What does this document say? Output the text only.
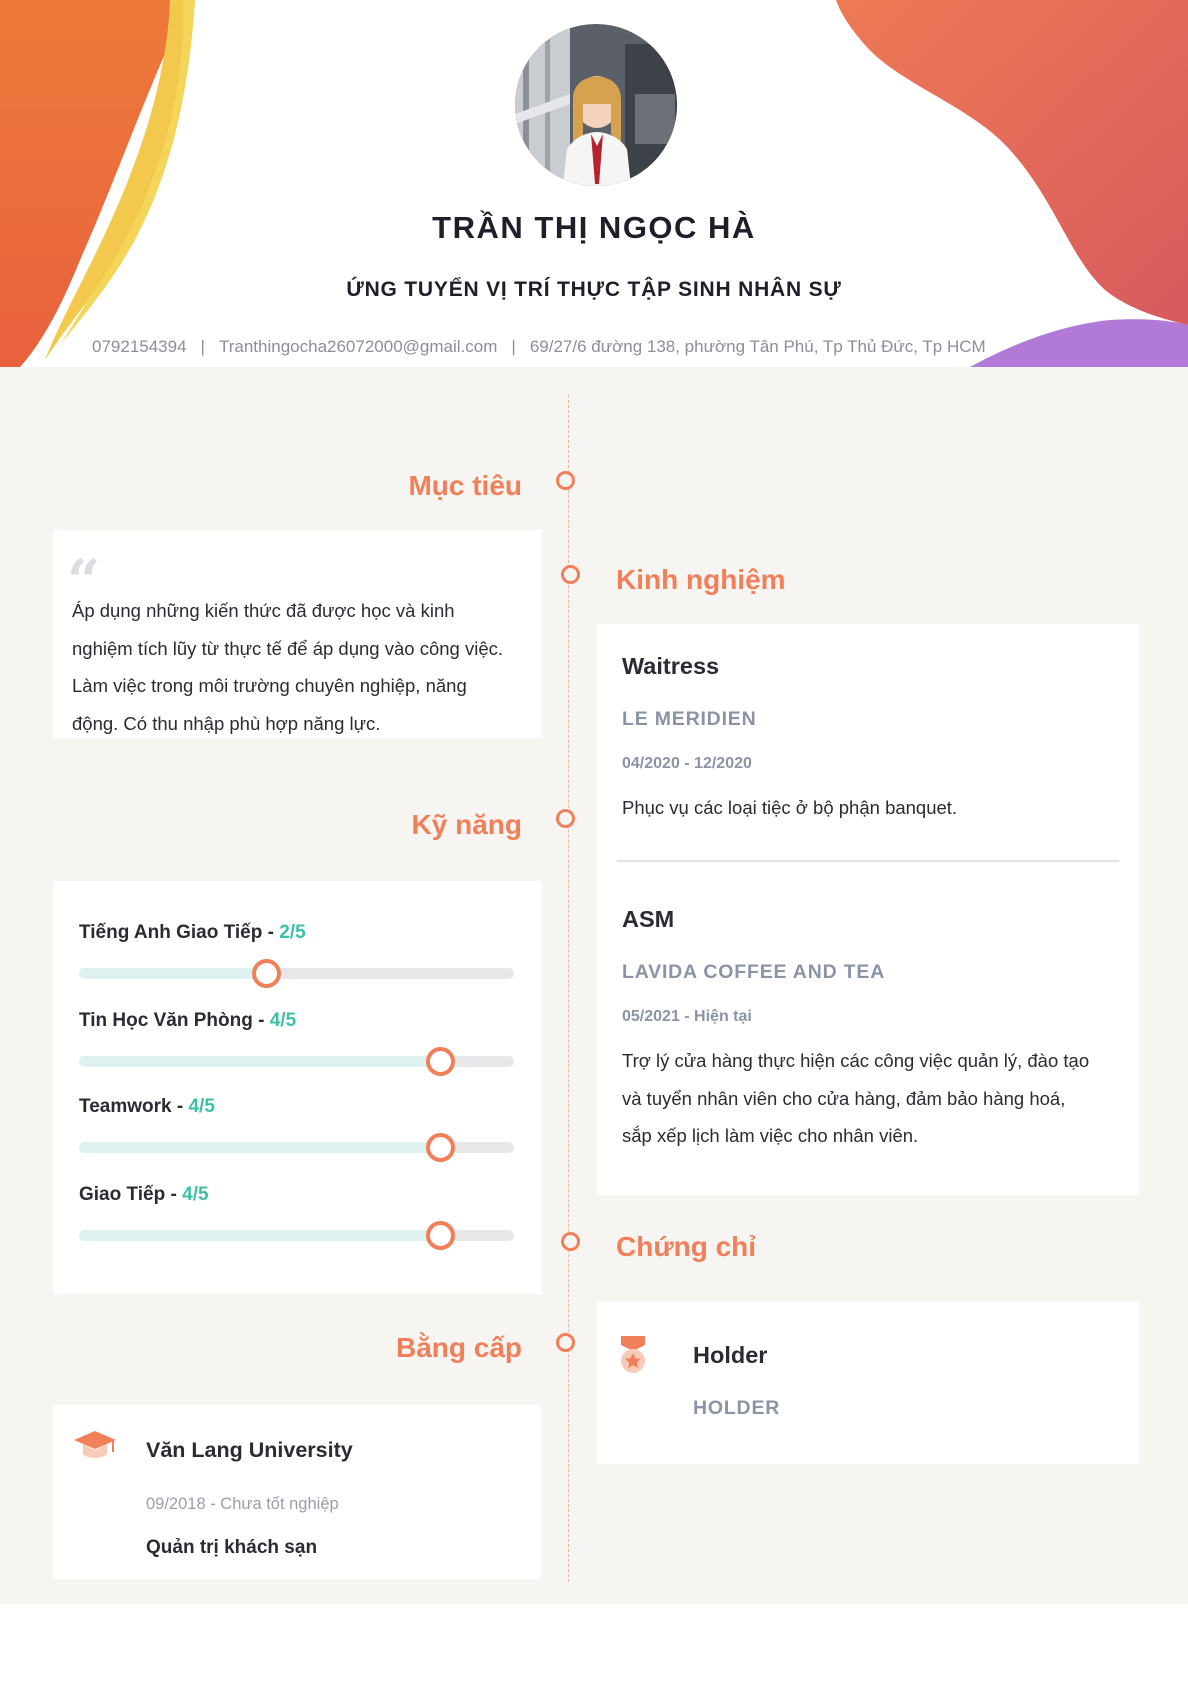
TRẦN THỊ NGỌC HÀ
ỨNG TUYỂN VỊ TRÍ THỰC TẬP SINH NHÂN SỰ
0792154394 | Tranthingocha26072000@gmail.com | 69/27/6 đường 138, phường Tân Phú, Tp Thủ Đức, Tp HCM
Mục tiêu
“
Áp dụng những kiến thức đã được học và kinh nghiệm tích lũy từ thực tế để áp dụng vào công việc. Làm việc trong môi trường chuyên nghiệp, năng động. Có thu nhập phù hợp năng lực.
Kỹ năng
Tiếng Anh Giao Tiếp - 2/5
Tin Học Văn Phòng - 4/5
Teamwork - 4/5
Giao Tiếp - 4/5
Bằng cấp
Văn Lang University
09/2018 - Chưa tốt nghiệp
Quản trị khách sạn
Kinh nghiệm
Waitress
LE MERIDIEN
04/2020 - 12/2020
Phục vụ các loại tiệc ở bộ phận banquet.
ASM
LAVIDA COFFEE AND TEA
05/2021 - Hiện tại
Trợ lý cửa hàng thực hiện các công việc quản lý, đào tạo và tuyển nhân viên cho cửa hàng, đảm bảo hàng hoá, sắp xếp lịch làm việc cho nhân viên.
Chứng chỉ
Holder
HOLDER
